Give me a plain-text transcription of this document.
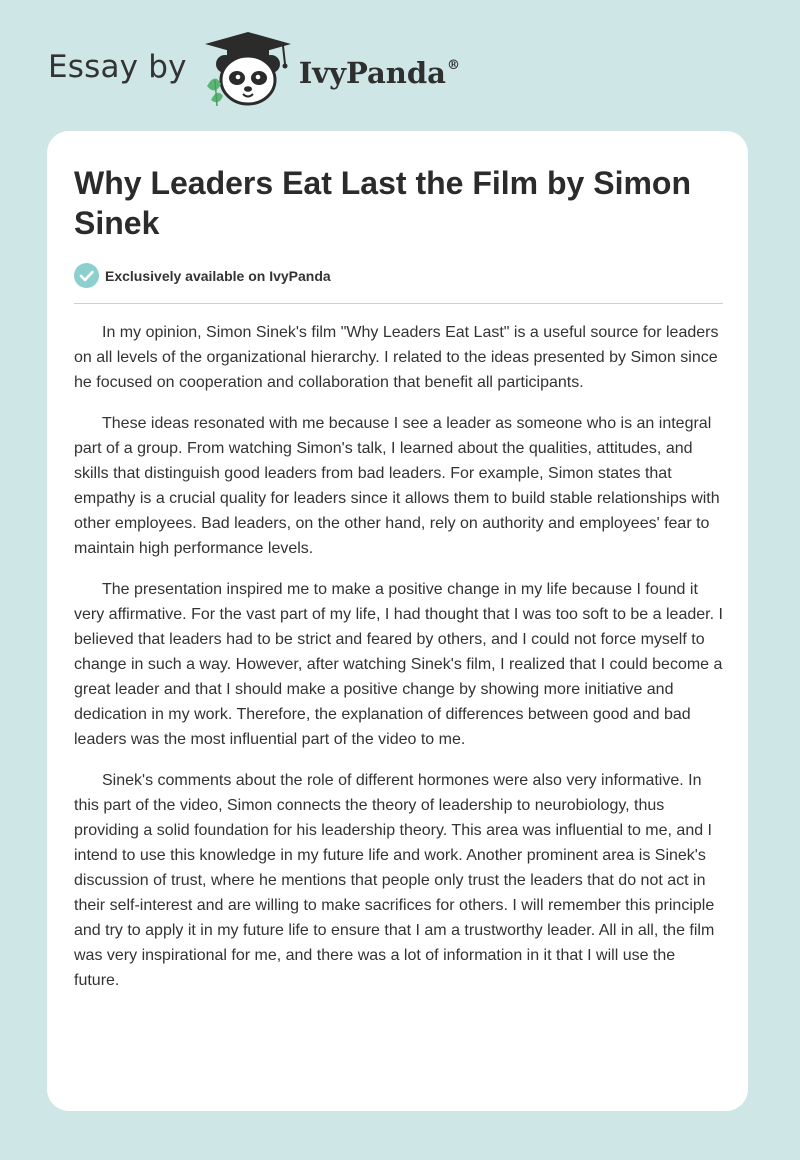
Essay by	IvyPanda®
Why Leaders Eat Last the Film by Simon Sinek
Exclusively available on IvyPanda

In my opinion, Simon Sinek's film "Why Leaders Eat Last" is a useful source for leaders on all levels of the organizational hierarchy. I related to the ideas presented by Simon since he focused on cooperation and collaboration that benefit all participants.

These ideas resonated with me because I see a leader as someone who is an integral part of a group. From watching Simon's talk, I learned about the qualities, attitudes, and skills that distinguish good leaders from bad leaders. For example, Simon states that empathy is a crucial quality for leaders since it allows them to build stable relationships with other employees. Bad leaders, on the other hand, rely on authority and employees' fear to maintain high performance levels.

The presentation inspired me to make a positive change in my life because I found it very affirmative. For the vast part of my life, I had thought that I was too soft to be a leader. I believed that leaders had to be strict and feared by others, and I could not force myself to change in such a way. However, after watching Sinek's film, I realized that I could become a great leader and that I should make a positive change by showing more initiative and dedication in my work. Therefore, the explanation of differences between good and bad leaders was the most influential part of the video to me.

Sinek's comments about the role of different hormones were also very informative. In this part of the video, Simon connects the theory of leadership to neurobiology, thus providing a solid foundation for his leadership theory. This area was influential to me, and I intend to use this knowledge in my future life and work. Another prominent area is Sinek's discussion of trust, where he mentions that people only trust the leaders that do not act in their self-interest and are willing to make sacrifices for others. I will remember this principle and try to apply it in my future life to ensure that I am a trustworthy leader. All in all, the film was very inspirational for me, and there was a lot of information in it that I will use the future.
